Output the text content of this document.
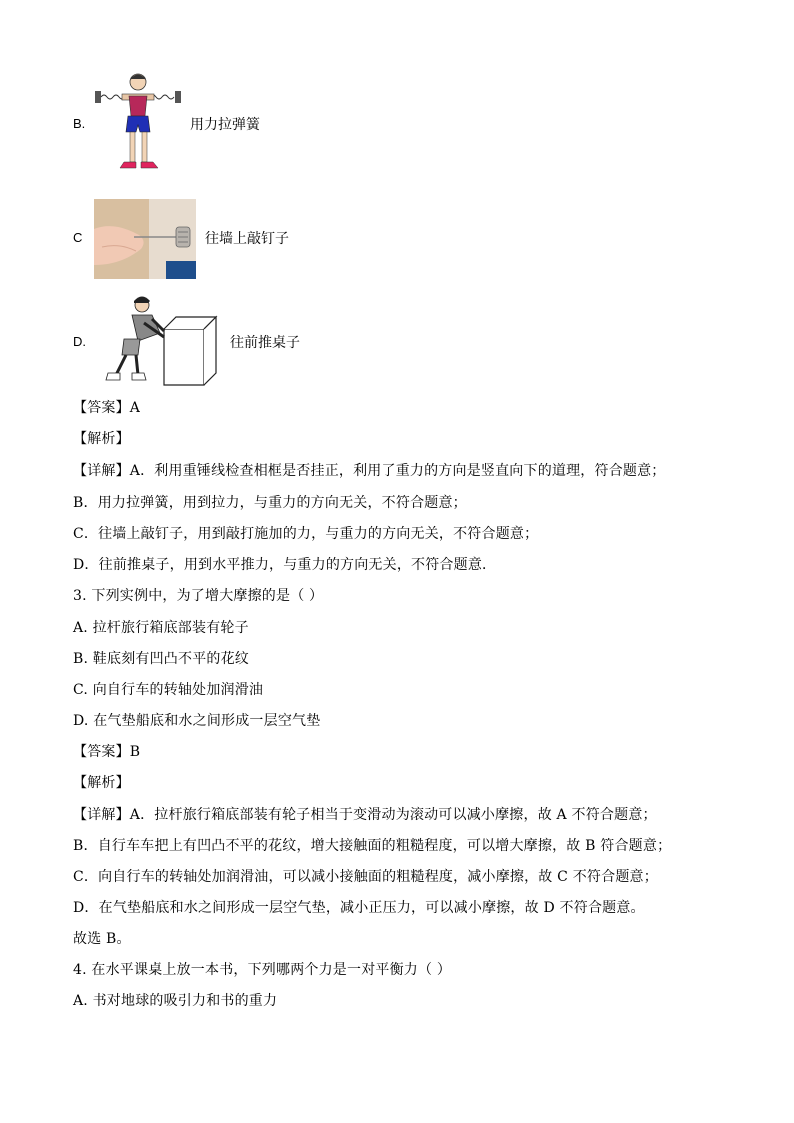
B.	用力拉弹簧
C	往墙上敲钉子
D.	往前推桌子
【答案】A
【解析】
【详解】A．利用重锤线检查相框是否挂正，利用了重力的方向是竖直向下的道理，符合题意；
B．用力拉弹簧，用到拉力，与重力的方向无关，不符合题意；
C．往墙上敲钉子，用到敲打施加的力，与重力的方向无关，不符合题意；
D．往前推桌子，用到水平推力，与重力的方向无关，不符合题意．
3. 下列实例中，为了增大摩擦的是（ ）
A. 拉杆旅行箱底部装有轮子
B. 鞋底刻有凹凸不平的花纹
C. 向自行车的转轴处加润滑油
D. 在气垫船底和水之间形成一层空气垫
【答案】B
【解析】
【详解】A．拉杆旅行箱底部装有轮子相当于变滑动为滚动可以减小摩擦，故 A 不符合题意；
B．自行车车把上有凹凸不平的花纹，增大接触面的粗糙程度，可以增大摩擦，故 B 符合题意；
C．向自行车的转轴处加润滑油，可以减小接触面的粗糙程度，减小摩擦，故 C 不符合题意；
D．在气垫船底和水之间形成一层空气垫，减小正压力，可以减小摩擦，故 D 不符合题意。
故选 B。
4. 在水平课桌上放一本书，下列哪两个力是一对平衡力（ ）
A. 书对地球的吸引力和书的重力
